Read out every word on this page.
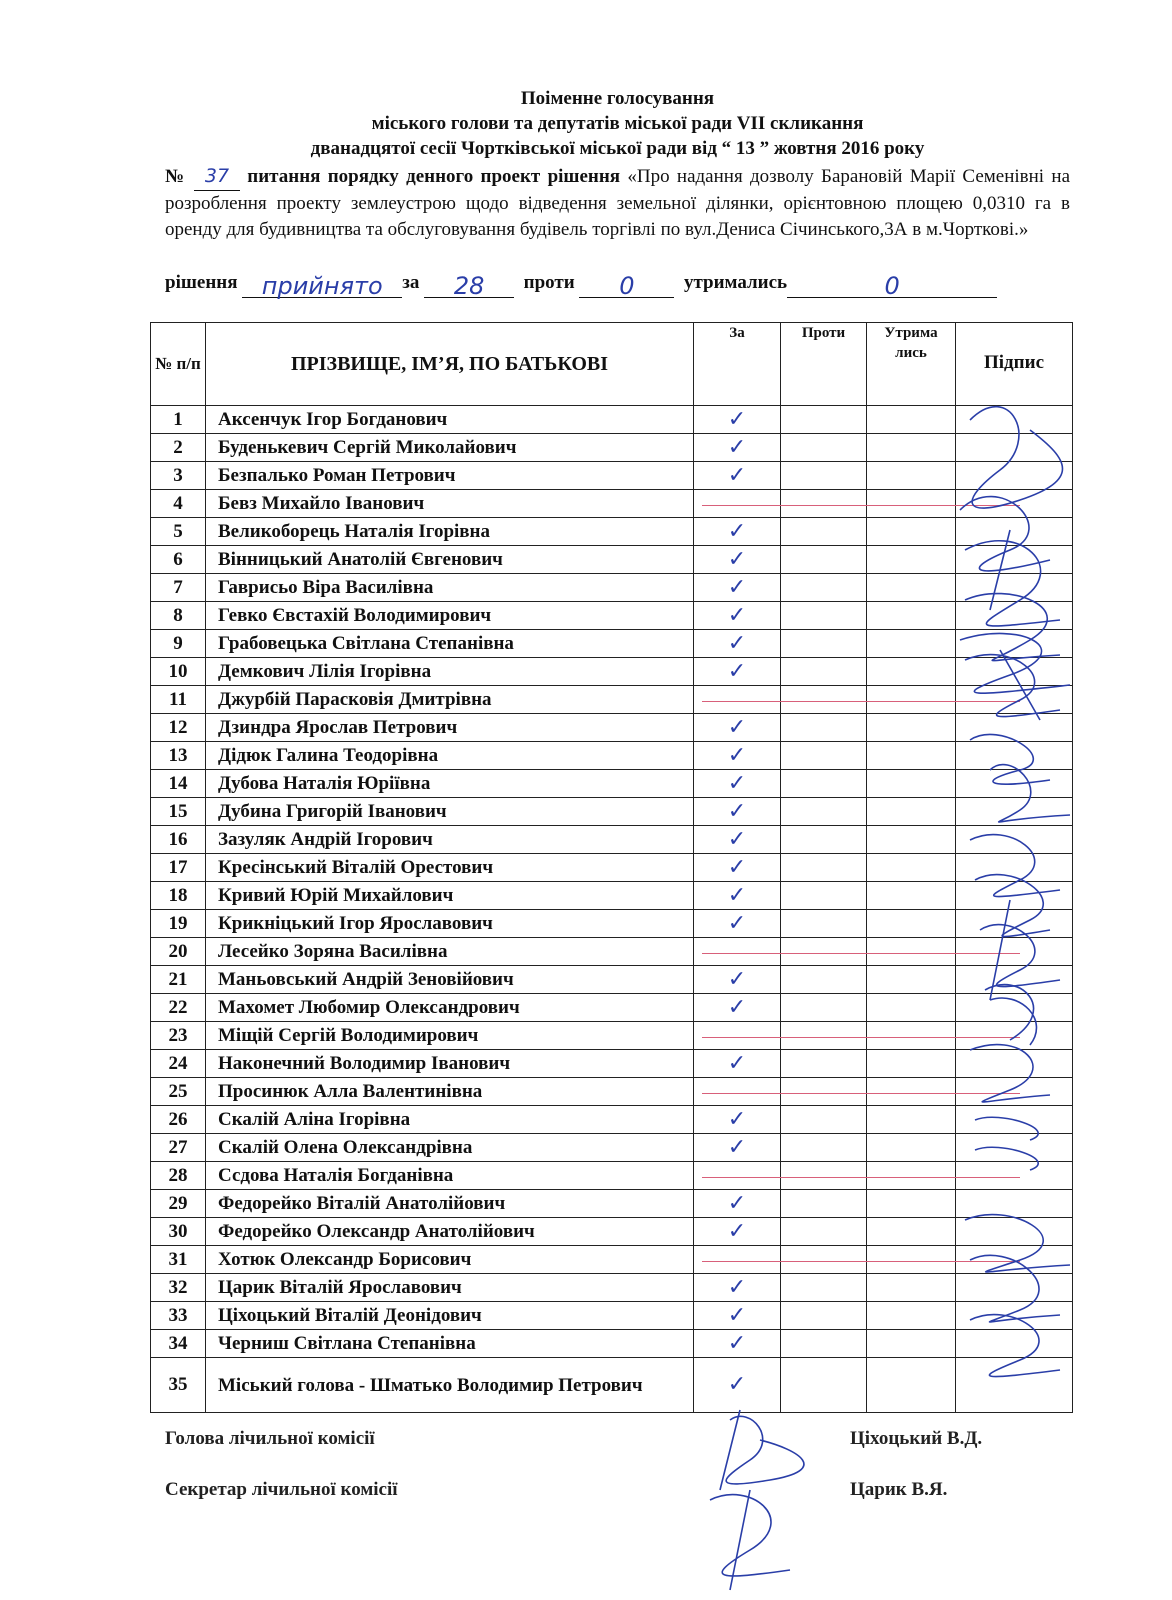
Поіменне голосування
міського голови та депутатів міської ради VІІ скликання
дванадцятої сесії Чортківської міської ради від “ 13 ” жовтня 2016 року
№ 37 питання порядку денного проект рішення «Про надання дозволу Барановій Марії Семенівні на розроблення проекту землеустрою щодо відведення земельної ділянки, орієнтовною площею 0,0310 га в оренду для будивництва та обслуговування будівель торгівлі по вул.Дениса Січинського,3А в м.Чорткові.»
рішення прийнято за 28 проти 0	утримались	0
№ п/п	ПРІЗВИЩЕ, ІМ’Я, ПО БАТЬКОВІ	За	Проти	Утрима лись	Підпис
1	Аксенчук Ігор Богданович	✓			
2	Буденькевич Сергій Миколайович	✓			
3	Безпалько Роман Петрович	✓			
4	Бевз Михайло Іванович				
5	Великоборець Наталія Ігорівна	✓			
6	Вінницький Анатолій Євгенович	✓			
7	Гаврисьо Віра Василівна	✓			
8	Гевко Євстахій Володимирович	✓			
9	Грабовецька Світлана Степанівна	✓			
10	Демкович Лілія Ігорівна	✓			
11	Джурбій Парасковія Дмитрівна				
12	Дзиндра Ярослав Петрович	✓			
13	Дідюк Галина Теодорівна	✓			
14	Дубова Наталія Юріївна	✓			
15	Дубина Григорій Іванович	✓			
16	Зазуляк Андрій Ігорович	✓			
17	Кресінський Віталій Орестович	✓			
18	Кривий Юрій Михайлович	✓			
19	Крикніцький Ігор Ярославович	✓			
20	Лесейко Зоряна Василівна				
21	Маньовський Андрій Зеновійович	✓			
22	Махомет Любомир Олександрович	✓			
23	Міщій Сергій Володимирович				
24	Наконечний Володимир Іванович	✓			
25	Просинюк Алла Валентинівна				
26	Скалій Аліна Ігорівна	✓			
27	Скалій Олена Олександрівна	✓			
28	Ссдова Наталія Богданівна				
29	Федорейко Віталій Анатолійович	✓			
30	Федорейко Олександр Анатолійович	✓			
31	Хотюк Олександр Борисович				
32	Царик Віталій Ярославович	✓			
33	Ціхоцький Віталій Деонідович	✓			
34	Черниш Світлана Степанівна	✓			
35	Міський голова - Шматько Володимир Петрович	✓			
Голова лічильної комісії	Ціхоцький В.Д.
Секретар лічильної комісії	Царик В.Я.
